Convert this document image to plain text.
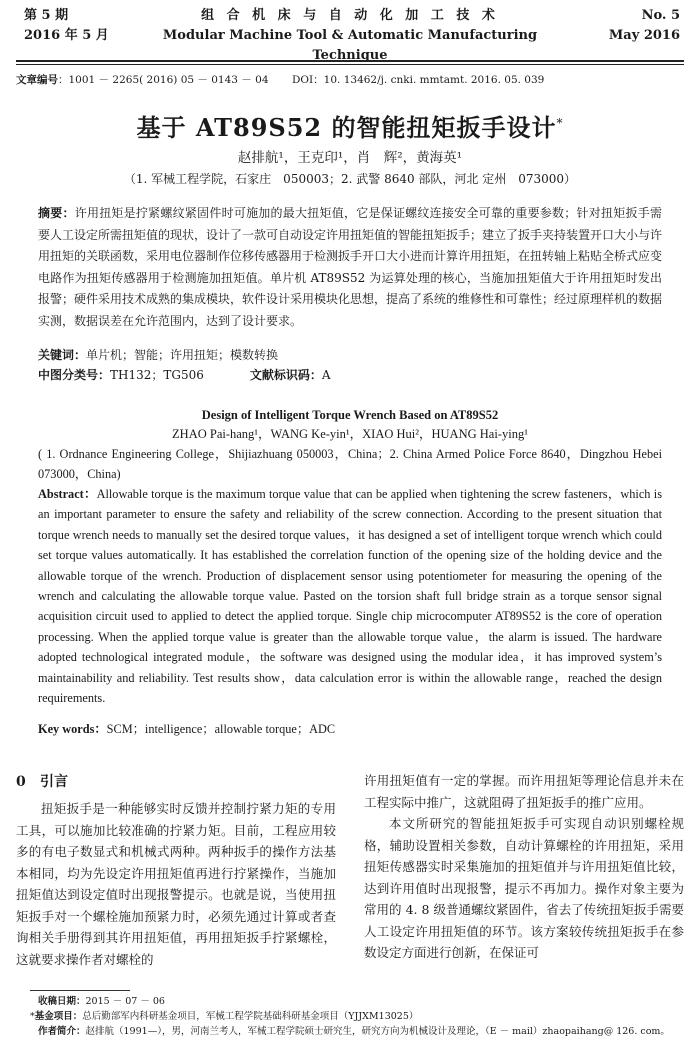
第 5 期
2016 年 5 月
组 合 机 床 与 自 动 化 加 工 技 术
Modular Machine Tool & Automatic Manufacturing Technique
No. 5
May 2016
文章编号：1001 － 2265( 2016) 05 － 0143 － 04 DOI：10. 13462/j. cnki. mmtamt. 2016. 05. 039
基于 AT89S52 的智能扭矩扳手设计*
赵排航¹，王克印¹，肖　辉²，黄海英¹
（1. 军械工程学院，石家庄　050003；2. 武警 8640 部队，河北 定州　073000）
摘要：许用扭矩是拧紧螺纹紧固件时可施加的最大扭矩值，它是保证螺纹连接安全可靠的重要参数；针对扭矩扳手需要人工设定所需扭矩值的现状，设计了一款可自动设定许用扭矩值的智能扭矩扳手；建立了扳手夹持装置开口大小与许用扭矩的关联函数，采用电位器制作位移传感器用于检测扳手开口大小进而计算许用扭矩，在扭转轴上粘贴全桥式应变电路作为扭矩传感器用于检测施加扭矩值。单片机 AT89S52 为运算处理的核心，当施加扭矩值大于许用扭矩时发出报警；硬件采用技术成熟的集成模块，软件设计采用模块化思想，提高了系统的维修性和可靠性；经过原理样机的数据实测，数据误差在允许范围内，达到了设计要求。
关键词：单片机；智能；许用扭矩；模数转换
中图分类号：TH132；TG506	文献标识码：A
Design of Intelligent Torque Wrench Based on AT89S52
ZHAO Pai-hang¹，WANG Ke-yin¹，XIAO Hui²，HUANG Hai-ying¹
( 1. Ordnance Engineering College，Shijiazhuang 050003，China；2. China Armed Police Force 8640，Dingzhou Hebei 073000，China)
Abstract：Allowable torque is the maximum torque value that can be applied when tightening the screw fasteners，which is an important parameter to ensure the safety and reliability of the screw connection. According to the present situation that torque wrench needs to manually set the desired torque values，it has designed a set of intelligent torque wrench which could set torque values automatically. It has established the correlation function of the opening size of the holding device and the allowable torque of the wrench. Production of displacement sensor using potentiometer for measuring the opening of the wrench and calculating the allowable torque value. Pasted on the torsion shaft full bridge strain as a torque sensor signal acquisition circuit used to applied to detect the applied torque. Single chip microcomputer AT89S52 is the core of operation processing. When the applied torque value is greater than the allowable torque value，the alarm is issued. The hardware adopted technological integrated module，the software was designed using the modular idea，it has improved system’s maintainability and reliability. Test results show，data calculation error is within the allowable range，reached the design requirements.
Key words：SCM；intelligence；allowable torque；ADC

0 引言

扭矩扳手是一种能够实时反馈并控制拧紧力矩的专用工具，可以施加比较准确的拧紧力矩。目前，工程应用较多的有电子数显式和机械式两种。两种扳手的操作方法基本相同，均为先设定许用扭矩值再进行拧紧操作，当施加扭矩值达到设定值时出现报警提示。也就是说，当使用扭矩扳手对一个螺栓施加预紧力时，必须先通过计算或者查询相关手册得到其许用扭矩值，再用扭矩扳手拧紧螺栓，这就要求操作者对螺栓的

许用扭矩值有一定的掌握。而许用扭矩等理论信息并未在工程实际中推广，这就阻碍了扭矩扳手的推广应用。

本文所研究的智能扭矩扳手可实现自动识别螺栓规格，辅助设置相关参数，自动计算螺栓的许用扭矩，采用扭矩传感器实时采集施加的扭矩值并与许用扭矩值比较，达到许用值时出现报警，提示不再加力。操作对象主要为常用的 4. 8 级普通螺纹紧固件，省去了传统扭矩扳手需要人工设定许用扭矩值的环节。该方案较传统扭矩扳手在参数设定方面进行创新，在保证可

收稿日期：2015 － 07 － 06
*基金项目：总后勤部军内科研基金项目，军械工程学院基础科研基金项目（YJJXM13025）
作者简介：赵排航（1991—），男，河南兰考人，军械工程学院硕士研究生，研究方向为机械设计及理论，（E － mail）zhaopaihang@ 126. com。
